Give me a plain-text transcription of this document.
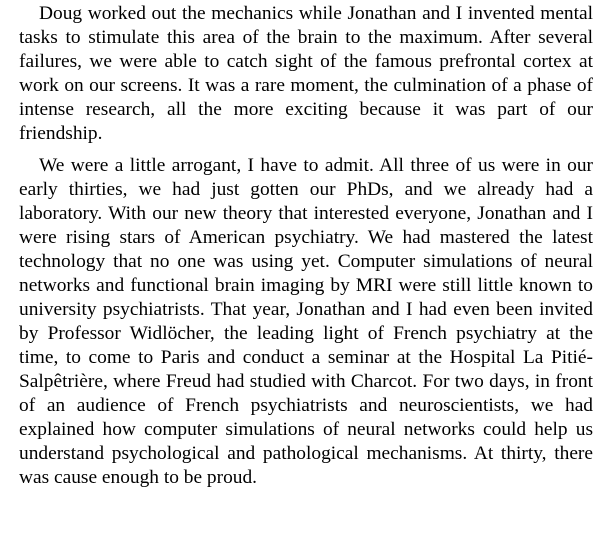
Doug worked out the mechanics while Jonathan and I invented mental tasks to stimulate this area of the brain to the maximum. After several failures, we were able to catch sight of the famous prefrontal cortex at work on our screens. It was a rare moment, the culmination of a phase of intense research, all the more exciting because it was part of our friendship.

We were a little arrogant, I have to admit. All three of us were in our early thirties, we had just gotten our PhDs, and we already had a laboratory. With our new theory that interested everyone, Jonathan and I were rising stars of American psychiatry. We had mastered the latest technology that no one was using yet. Computer simulations of neural networks and functional brain imaging by MRI were still little known to university psychiatrists. That year, Jonathan and I had even been invited by Professor Widlöcher, the leading light of French psychiatry at the time, to come to Paris and conduct a seminar at the Hospital La Pitié-Salpêtrière, where Freud had studied with Charcot. For two days, in front of an audience of French psychiatrists and neuroscientists, we had explained how computer simulations of neural networks could help us understand psychological and pathological mechanisms. At thirty, there was cause enough to be proud.
